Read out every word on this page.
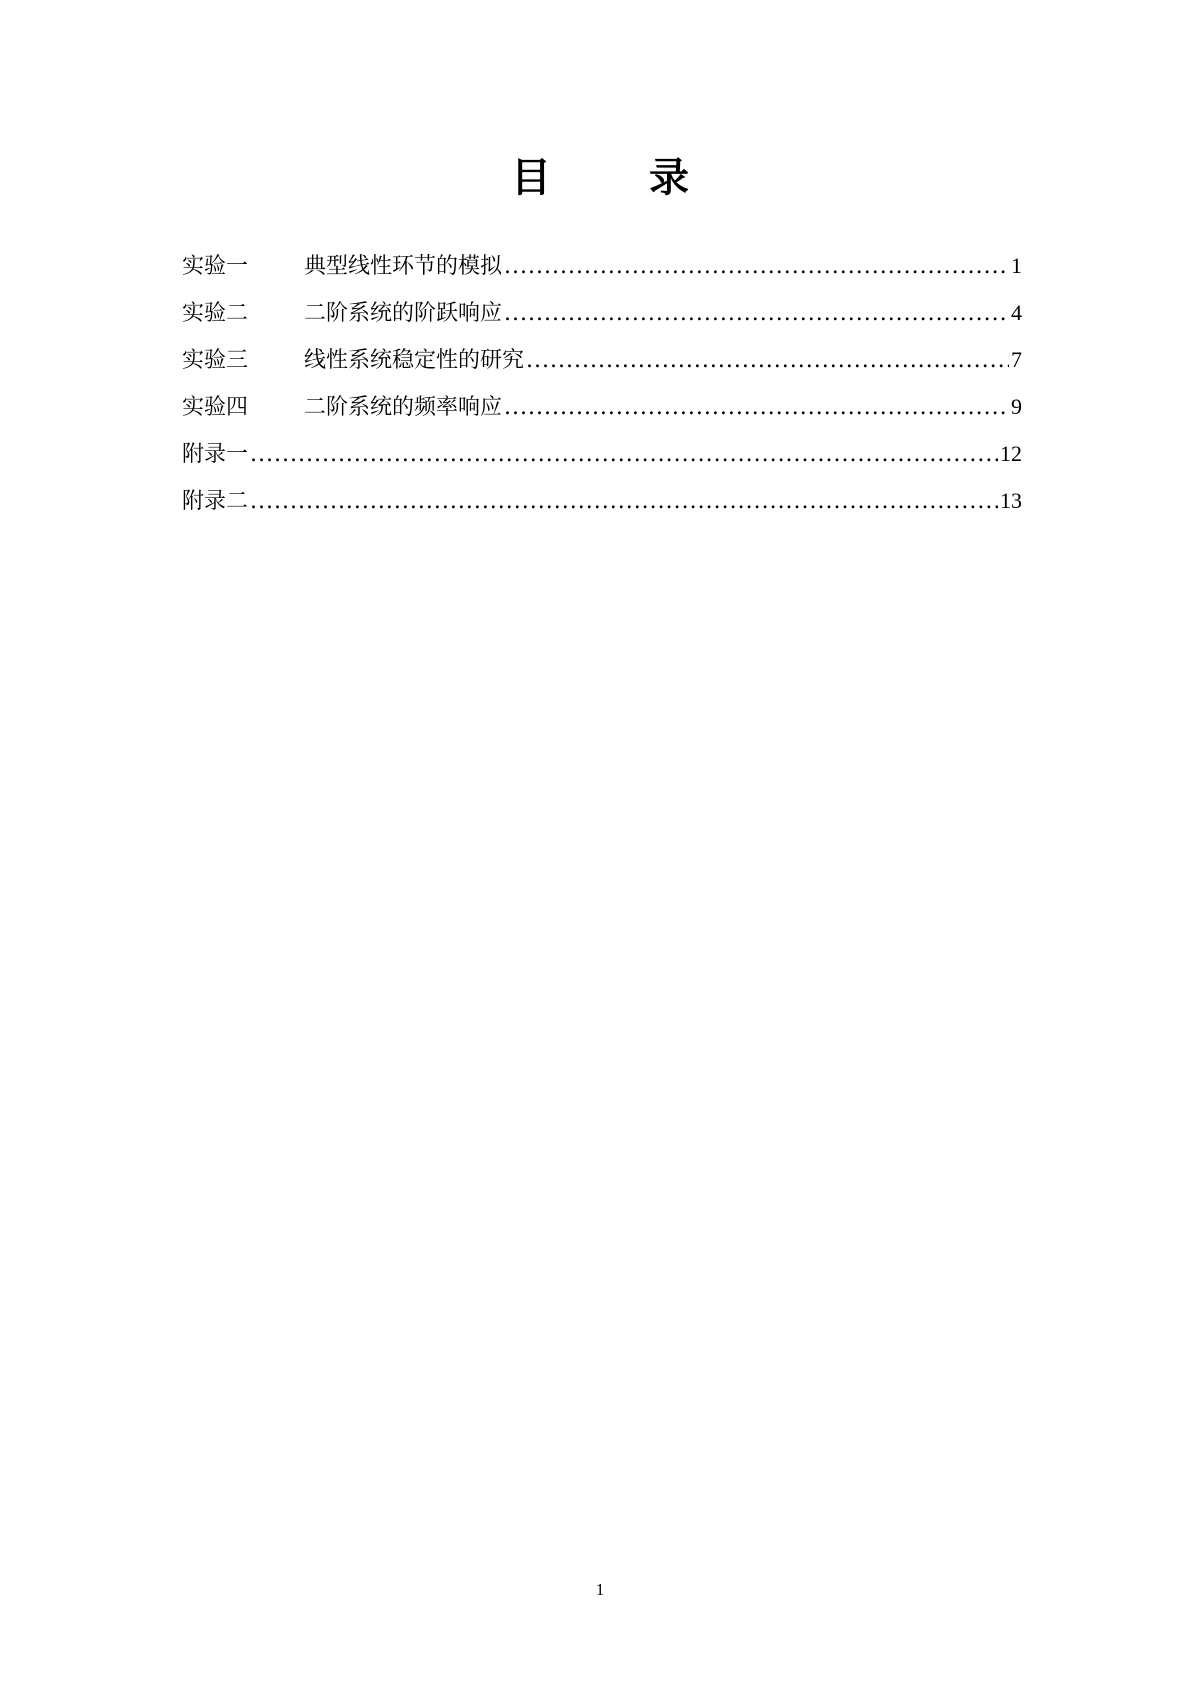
目 录
实验一	典型线性环节的模拟 .....	1
实验二	二阶系统的阶跃响应 .....	4
实验三	线性系统稳定性的研究 .....	7
实验四	二阶系统的频率响应 .....	9
附录一 .....	12
附录二 .....	13
1
